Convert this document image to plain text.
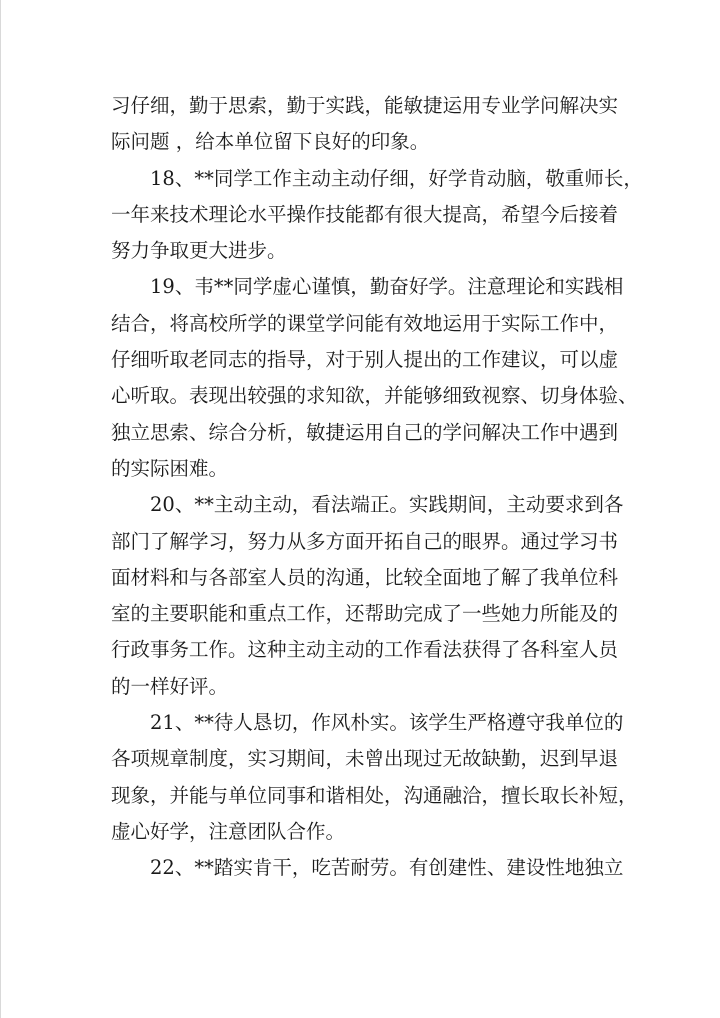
习仔细，勤于思索，勤于实践，能敏捷运用专业学问解决实
际问题 ，给本单位留下良好的印象。
18、**同学工作主动主动仔细，好学肯动脑，敬重师长，
一年来技术理论水平操作技能都有很大提高，希望今后接着
努力争取更大进步。
19、韦**同学虚心谨慎，勤奋好学。注意理论和实践相
结合，将高校所学的课堂学问能有效地运用于实际工作中，
仔细听取老同志的指导，对于别人提出的工作建议，可以虚
心听取。表现出较强的求知欲，并能够细致视察、切身体验、
独立思索、综合分析，敏捷运用自己的学问解决工作中遇到
的实际困难。
20、**主动主动，看法端正。实践期间，主动要求到各
部门了解学习，努力从多方面开拓自己的眼界。通过学习书
面材料和与各部室人员的沟通，比较全面地了解了我单位科
室的主要职能和重点工作，还帮助完成了一些她力所能及的
行政事务工作。这种主动主动的工作看法获得了各科室人员
的一样好评。
21、**待人恳切，作风朴实。该学生严格遵守我单位的
各项规章制度，实习期间，未曾出现过无故缺勤，迟到早退
现象，并能与单位同事和谐相处，沟通融洽，擅长取长补短，
虚心好学，注意团队合作。
22、**踏实肯干，吃苦耐劳。有创建性、建设性地独立
